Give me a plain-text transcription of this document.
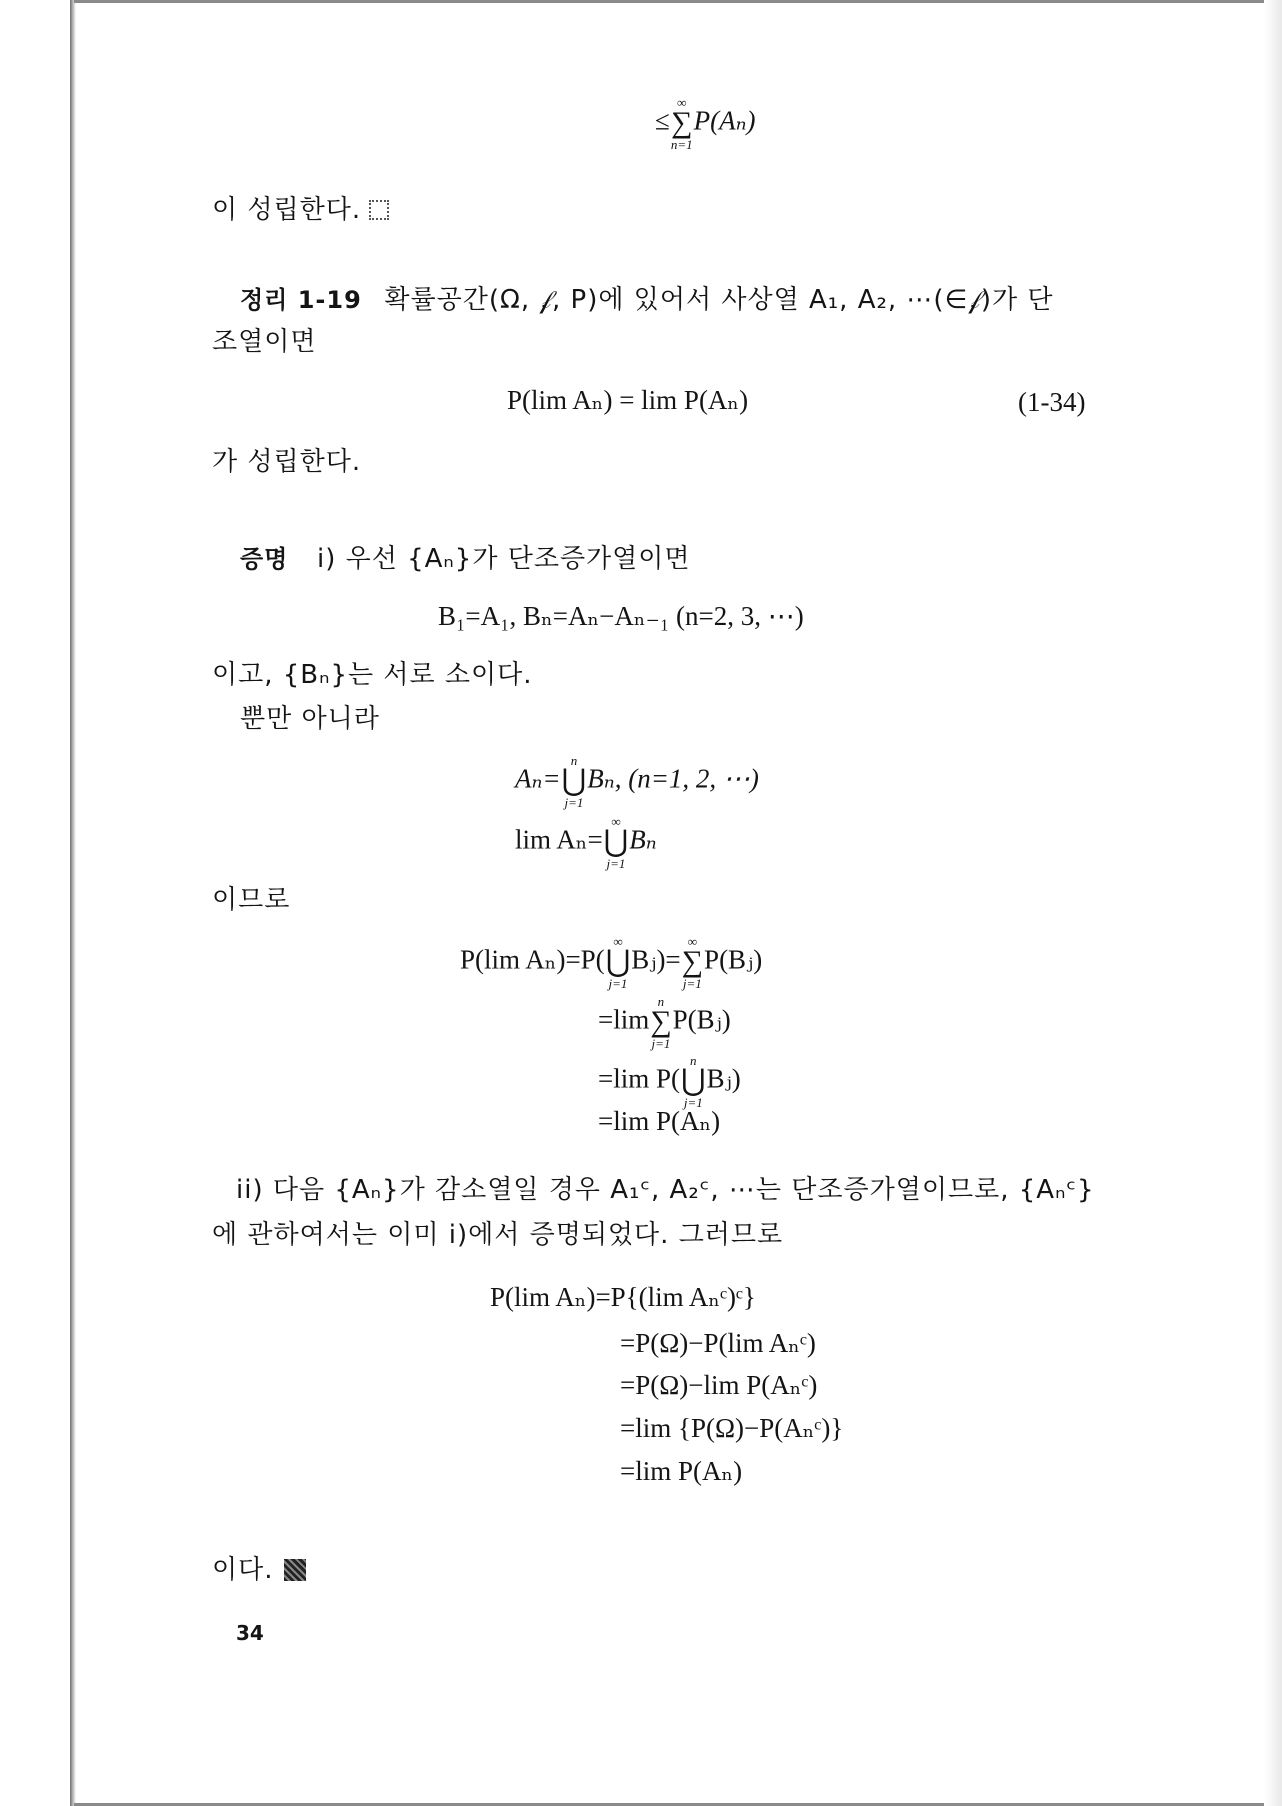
≤
∞
∑
n=1
P(Aₙ)
이 성립한다.
정리 1-19 확률공간(Ω, 𝒻, P)에 있어서 사상열 A₁, A₂, ⋯(∈𝒻)가 단
조열이면
P(lim Aₙ) = lim P(Aₙ)	(1-34)
가 성립한다.
증명 i) 우선 {Aₙ}가 단조증가열이면
B₁=A₁, Bₙ=Aₙ−Aₙ₋₁ (n=2, 3, ⋯)
이고, {Bₙ}는 서로 소이다.
뿐만 아니라
Aₙ=
n
⋃
j=1
Bₙ, (n=1, 2, ⋯)
lim Aₙ=
∞
⋃
j=1
Bₙ
이므로
P(lim Aₙ)=P(
∞
⋃
j=1
Bⱼ)=
∞
∑
j=1
P(Bⱼ)
=lim
n
∑
j=1
P(Bⱼ)
=lim P(
n
⋃
j=1
Bⱼ)
=lim P(Aₙ)
ii) 다음 {Aₙ}가 감소열일 경우 A₁ᶜ, A₂ᶜ, ⋯는 단조증가열이므로, {Aₙᶜ}
에 관하여서는 이미 i)에서 증명되었다. 그러므로
P(lim Aₙ)=P{(lim Aₙᶜ)ᶜ}
=P(Ω)−P(lim Aₙᶜ)
=P(Ω)−lim P(Aₙᶜ)
=lim {P(Ω)−P(Aₙᶜ)}
=lim P(Aₙ)
이다.
34
